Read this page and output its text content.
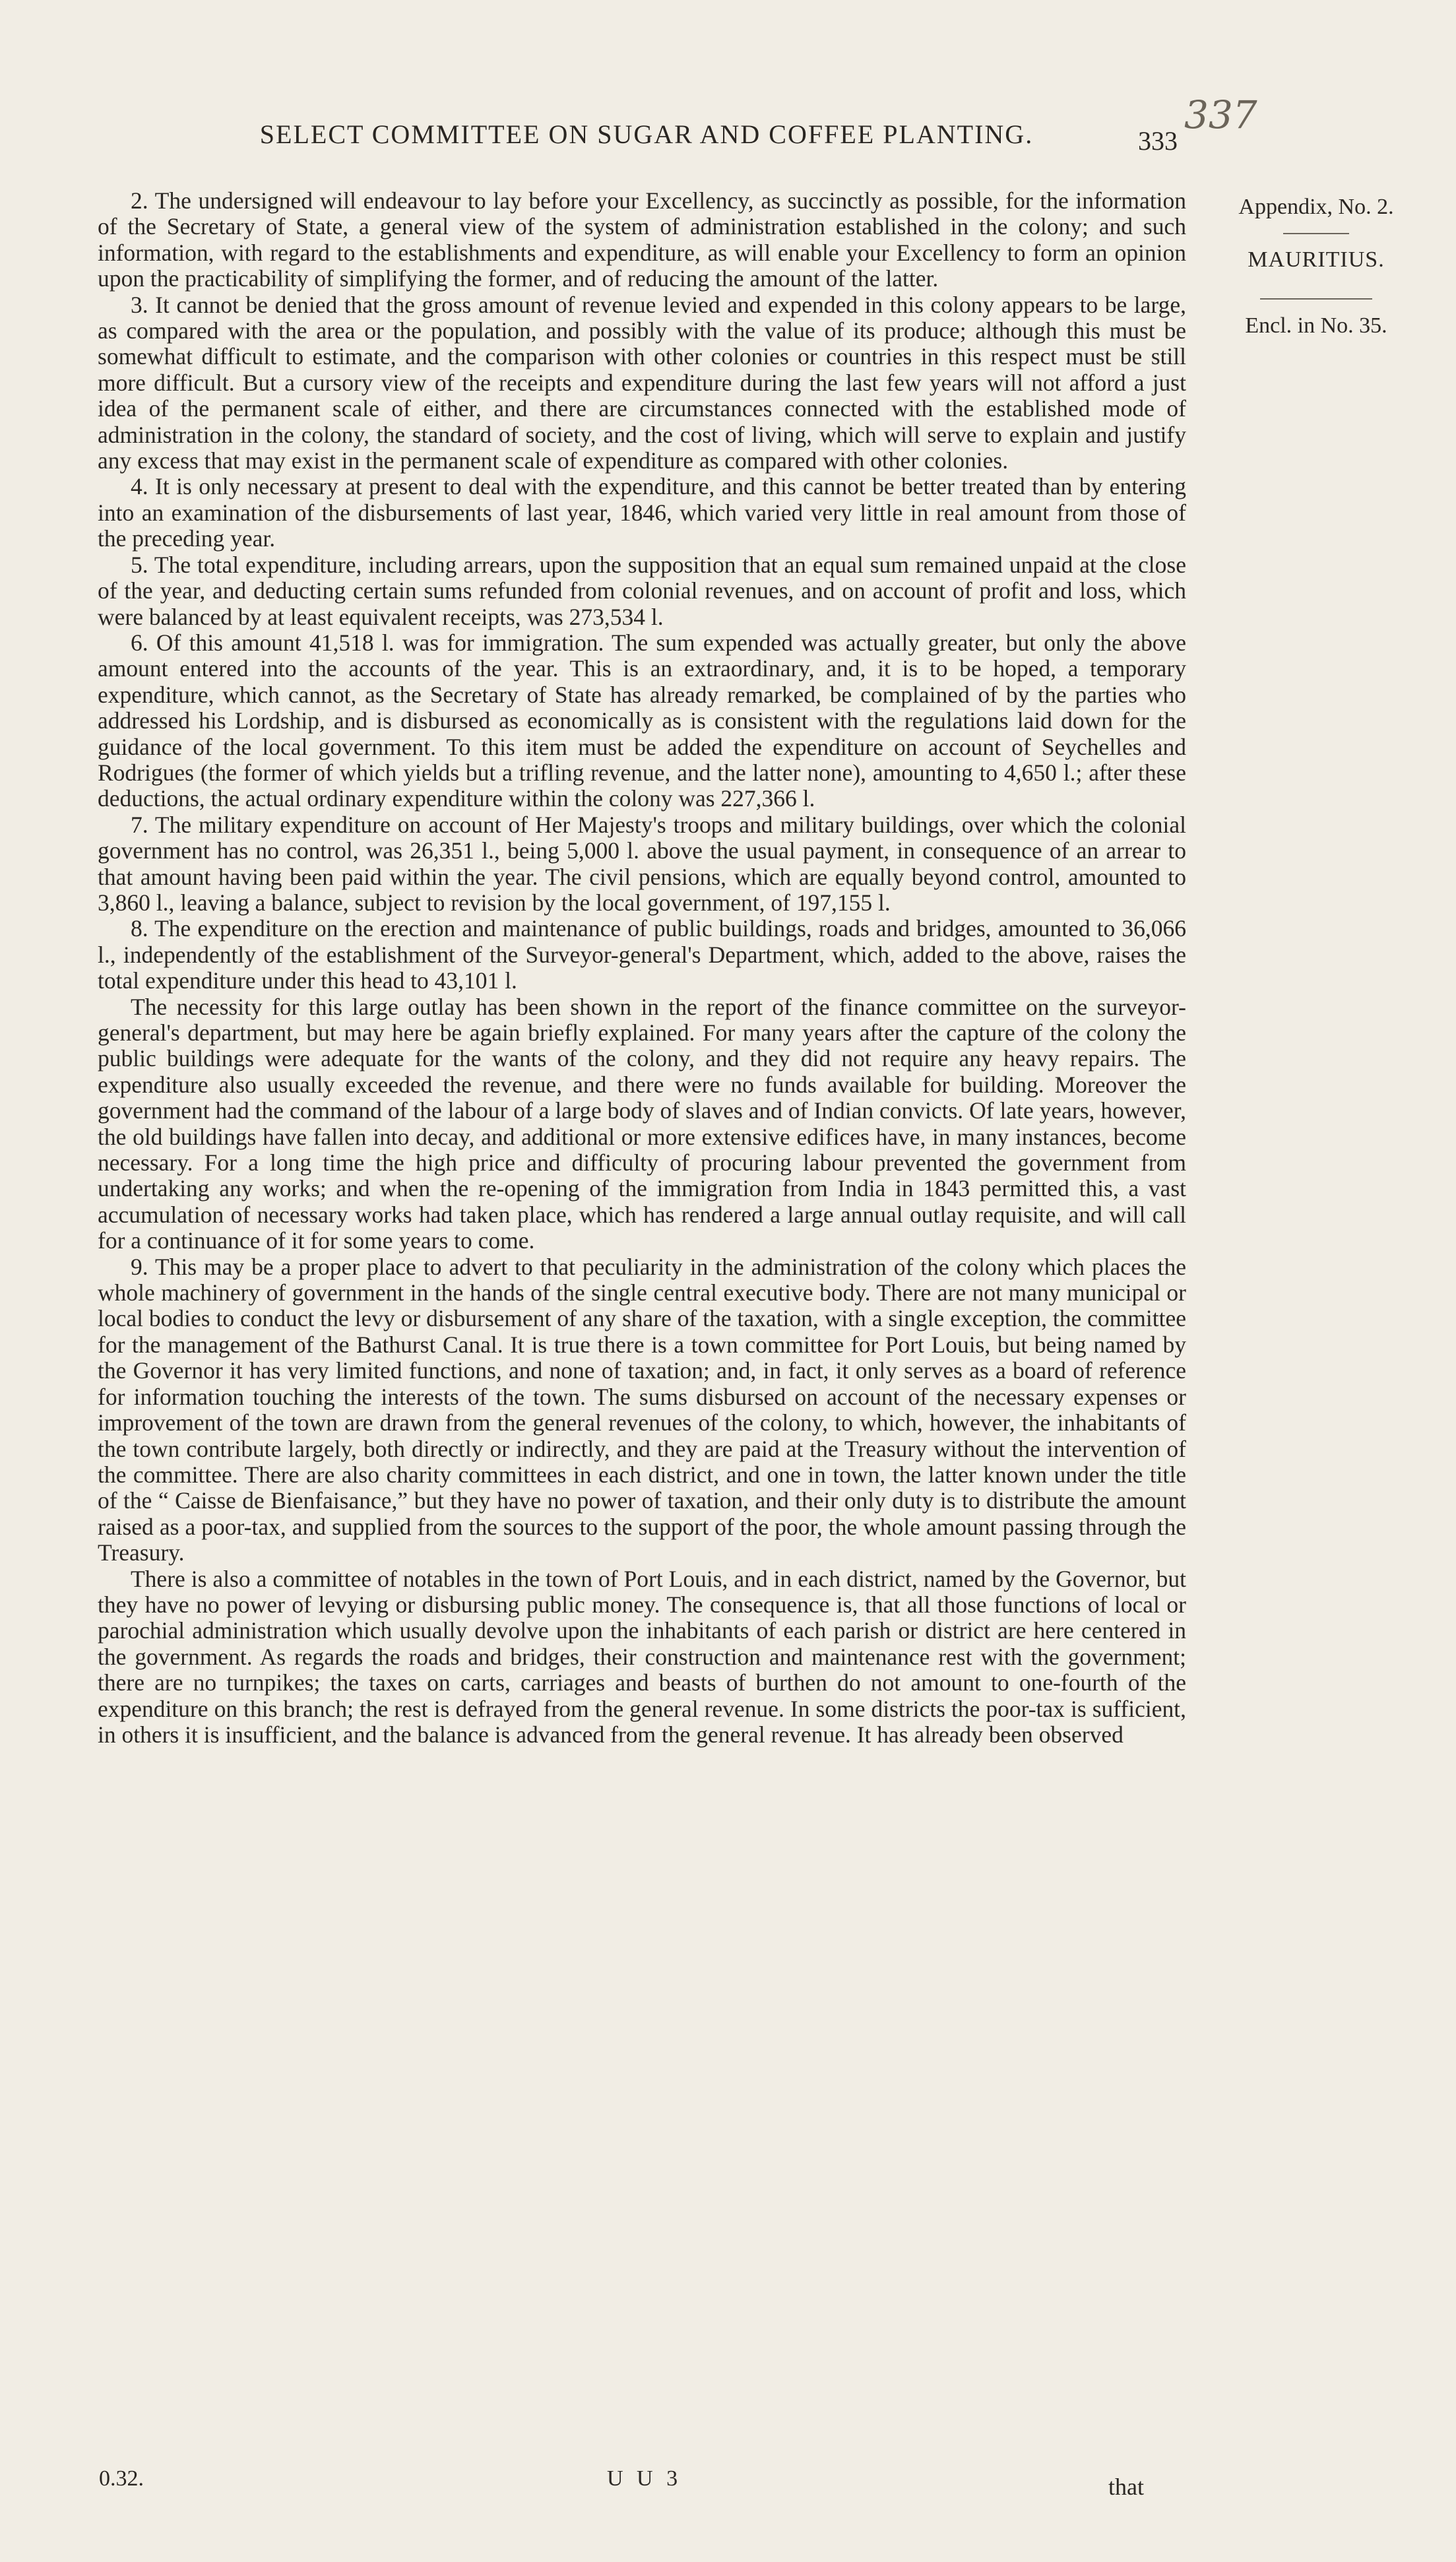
SELECT COMMITTEE ON SUGAR AND COFFEE PLANTING.	333
337
Appendix, No. 2.
MAURITIUS.
Encl. in No. 35.

2. The undersigned will endeavour to lay before your Excellency, as succinctly as possible, for the information of the Secretary of State, a general view of the system of administration established in the colony; and such information, with regard to the establishments and expenditure, as will enable your Excellency to form an opinion upon the practicability of simplifying the former, and of reducing the amount of the latter.

3. It cannot be denied that the gross amount of revenue levied and expended in this colony appears to be large, as compared with the area or the population, and possibly with the value of its produce; although this must be somewhat difficult to estimate, and the comparison with other colonies or countries in this respect must be still more difficult. But a cursory view of the receipts and expenditure during the last few years will not afford a just idea of the permanent scale of either, and there are circumstances connected with the established mode of administration in the colony, the standard of society, and the cost of living, which will serve to explain and justify any excess that may exist in the permanent scale of expenditure as compared with other colonies.

4. It is only necessary at present to deal with the expenditure, and this cannot be better treated than by entering into an examination of the disbursements of last year, 1846, which varied very little in real amount from those of the preceding year.

5. The total expenditure, including arrears, upon the supposition that an equal sum remained unpaid at the close of the year, and deducting certain sums refunded from colonial revenues, and on account of profit and loss, which were balanced by at least equivalent receipts, was 273,534 l.

6. Of this amount 41,518 l. was for immigration. The sum expended was actually greater, but only the above amount entered into the accounts of the year. This is an extraordinary, and, it is to be hoped, a temporary expenditure, which cannot, as the Secretary of State has already remarked, be complained of by the parties who addressed his Lordship, and is disbursed as economically as is consistent with the regulations laid down for the guidance of the local government. To this item must be added the expenditure on account of Seychelles and Rodrigues (the former of which yields but a trifling revenue, and the latter none), amounting to 4,650 l.; after these deductions, the actual ordinary expenditure within the colony was 227,366 l.

7. The military expenditure on account of Her Majesty's troops and military buildings, over which the colonial government has no control, was 26,351 l., being 5,000 l. above the usual payment, in consequence of an arrear to that amount having been paid within the year. The civil pensions, which are equally beyond control, amounted to 3,860 l., leaving a balance, subject to revision by the local government, of 197,155 l.

8. The expenditure on the erection and maintenance of public buildings, roads and bridges, amounted to 36,066 l., independently of the establishment of the Surveyor-general's Department, which, added to the above, raises the total expenditure under this head to 43,101 l.

The necessity for this large outlay has been shown in the report of the finance committee on the surveyor-general's department, but may here be again briefly explained. For many years after the capture of the colony the public buildings were adequate for the wants of the colony, and they did not require any heavy repairs. The expenditure also usually exceeded the revenue, and there were no funds available for building. Moreover the government had the command of the labour of a large body of slaves and of Indian convicts. Of late years, however, the old buildings have fallen into decay, and additional or more extensive edifices have, in many instances, become necessary. For a long time the high price and difficulty of procuring labour prevented the government from undertaking any works; and when the re-opening of the immigration from India in 1843 permitted this, a vast accumulation of necessary works had taken place, which has rendered a large annual outlay requisite, and will call for a continuance of it for some years to come.

9. This may be a proper place to advert to that peculiarity in the administration of the colony which places the whole machinery of government in the hands of the single central executive body. There are not many municipal or local bodies to conduct the levy or disbursement of any share of the taxation, with a single exception, the committee for the management of the Bathurst Canal. It is true there is a town committee for Port Louis, but being named by the Governor it has very limited functions, and none of taxation; and, in fact, it only serves as a board of reference for information touching the interests of the town. The sums disbursed on account of the necessary expenses or improvement of the town are drawn from the general revenues of the colony, to which, however, the inhabitants of the town contribute largely, both directly or indirectly, and they are paid at the Treasury without the intervention of the committee. There are also charity committees in each district, and one in town, the latter known under the title of the “ Caisse de Bienfaisance,” but they have no power of taxation, and their only duty is to distribute the amount raised as a poor-tax, and supplied from the sources to the support of the poor, the whole amount passing through the Treasury.

There is also a committee of notables in the town of Port Louis, and in each district, named by the Governor, but they have no power of levying or disbursing public money. The consequence is, that all those functions of local or parochial administration which usually devolve upon the inhabitants of each parish or district are here centered in the government. As regards the roads and bridges, their construction and maintenance rest with the government; there are no turnpikes; the taxes on carts, carriages and beasts of burthen do not amount to one-fourth of the expenditure on this branch; the rest is defrayed from the general revenue. In some districts the poor-tax is sufficient, in others it is insufficient, and the balance is advanced from the general revenue. It has already been observed

0.32.	U U 3	that
